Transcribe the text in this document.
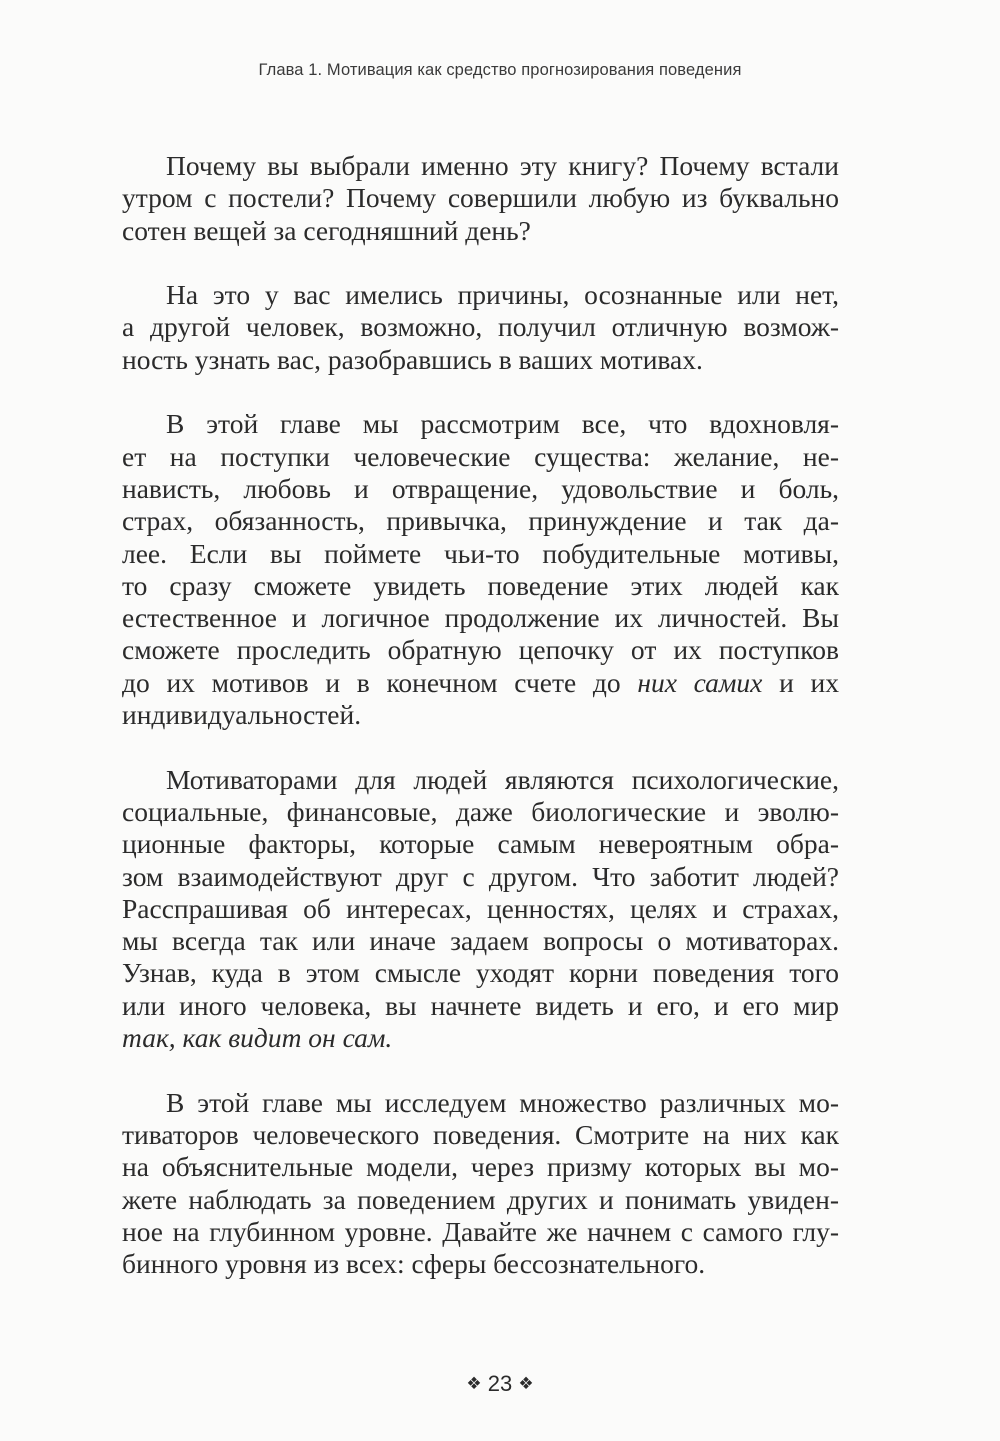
Глава 1. Мотивация как средство прогнозирования поведения

Почему вы выбрали именно эту книгу? Почему встали
утром с постели? Почему совершили любую из буквально
сотен вещей за сегодняшний день?

На это у вас имелись причины, осознанные или нет,
а другой человек, возможно, получил отличную возмож-
ность узнать вас, разобравшись в ваших мотивах.

В этой главе мы рассмотрим все, что вдохновля-
ет на поступки человеческие существа: желание, не-
нависть, любовь и отвращение, удовольствие и боль,
страх, обязанность, привычка, принуждение и так да-
лее. Если вы поймете чьи-то побудительные мотивы,
то сразу сможете увидеть поведение этих людей как
естественное и логичное продолжение их личностей. Вы
сможете проследить обратную цепочку от их поступков
до их мотивов и в конечном счете до них самих и их
индивидуальностей.

Мотиваторами для людей являются психологические,
социальные, финансовые, даже биологические и эволю-
ционные факторы, которые самым невероятным обра-
зом взаимодействуют друг с другом. Что заботит людей?
Расспрашивая об интересах, ценностях, целях и страхах,
мы всегда так или иначе задаем вопросы о мотиваторах.
Узнав, куда в этом смысле уходят корни поведения того
или иного человека, вы начнете видеть и его, и его мир
так, как видит он сам.

В этой главе мы исследуем множество различных мо-
тиваторов человеческого поведения. Смотрите на них как
на объяснительные модели, через призму которых вы мо-
жете наблюдать за поведением других и понимать увиден-
ное на глубинном уровне. Давайте же начнем с самого глу-
бинного уровня из всех: сферы бессознательного.

❖ 23 ❖
